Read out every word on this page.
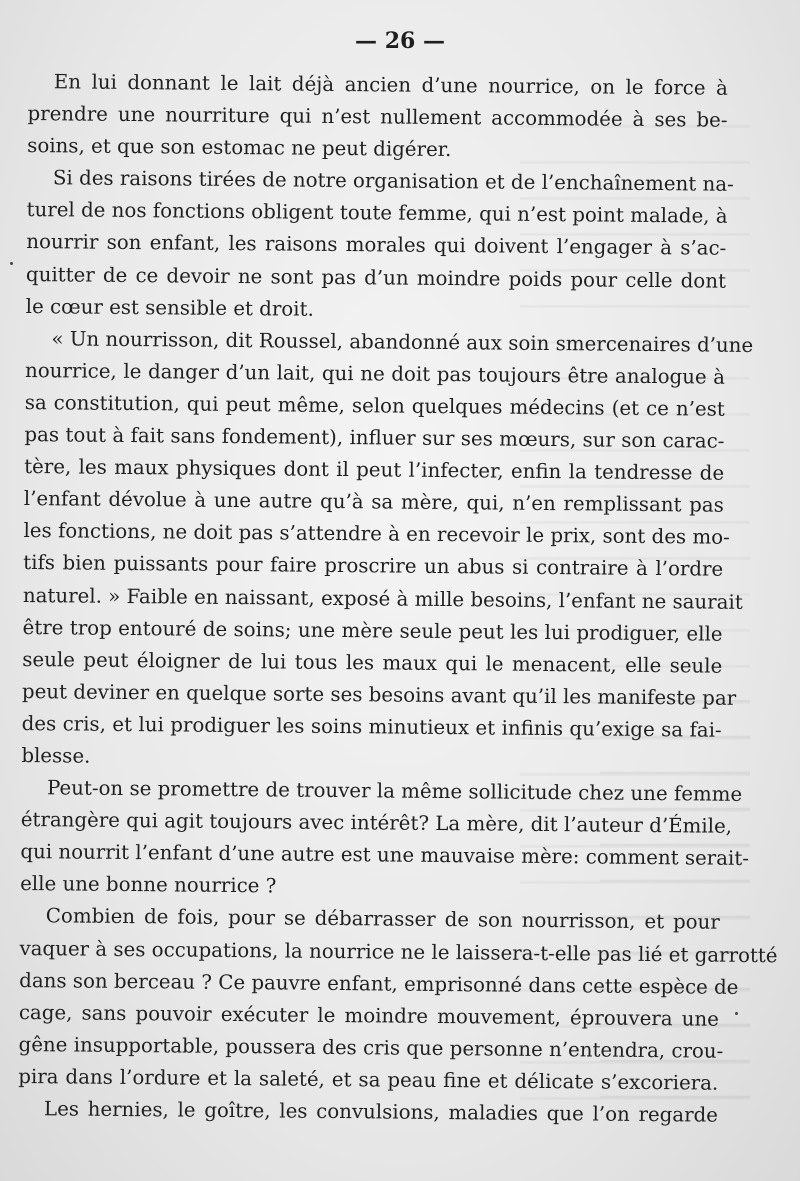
— 26 —
En lui donnant le lait déjà ancien d’une nourrice, on le force à
prendre une nourriture qui n’est nullement accommodée à ses be-
soins, et que son estomac ne peut digérer.
Si des raisons tirées de notre organisation et de l’enchaînement na-
turel de nos fonctions obligent toute femme, qui n’est point malade, à
nourrir son enfant, les raisons morales qui doivent l’engager à s’ac-
quitter de ce devoir ne sont pas d’un moindre poids pour celle dont
le cœur est sensible et droit.
« Un nourrisson, dit Roussel, abandonné aux soin smercenaires d’une
nourrice, le danger d’un lait, qui ne doit pas toujours être analogue à
sa constitution, qui peut même, selon quelques médecins (et ce n’est
pas tout à fait sans fondement), influer sur ses mœurs, sur son carac-
tère, les maux physiques dont il peut l’infecter, enfin la tendresse de
l’enfant dévolue à une autre qu’à sa mère, qui, n’en remplissant pas
les fonctions, ne doit pas s’attendre à en recevoir le prix, sont des mo-
tifs bien puissants pour faire proscrire un abus si contraire à l’ordre
naturel. » Faible en naissant, exposé à mille besoins, l’enfant ne saurait
être trop entouré de soins; une mère seule peut les lui prodiguer, elle
seule peut éloigner de lui tous les maux qui le menacent, elle seule
peut deviner en quelque sorte ses besoins avant qu’il les manifeste par
des cris, et lui prodiguer les soins minutieux et infinis qu’exige sa fai-
blesse.
Peut-on se promettre de trouver la même sollicitude chez une femme
étrangère qui agit toujours avec intérêt? La mère, dit l’auteur d’Émile,
qui nourrit l’enfant d’une autre est une mauvaise mère: comment serait-
elle une bonne nourrice ?
Combien de fois, pour se débarrasser de son nourrisson, et pour
vaquer à ses occupations, la nourrice ne le laissera-t-elle pas lié et garrotté
dans son berceau ? Ce pauvre enfant, emprisonné dans cette espèce de
cage, sans pouvoir exécuter le moindre mouvement, éprouvera une
gêne insupportable, poussera des cris que personne n’entendra, crou-
pira dans l’ordure et la saleté, et sa peau fine et délicate s’excoriera.
Les hernies, le goître, les convulsions, maladies que l’on regarde
